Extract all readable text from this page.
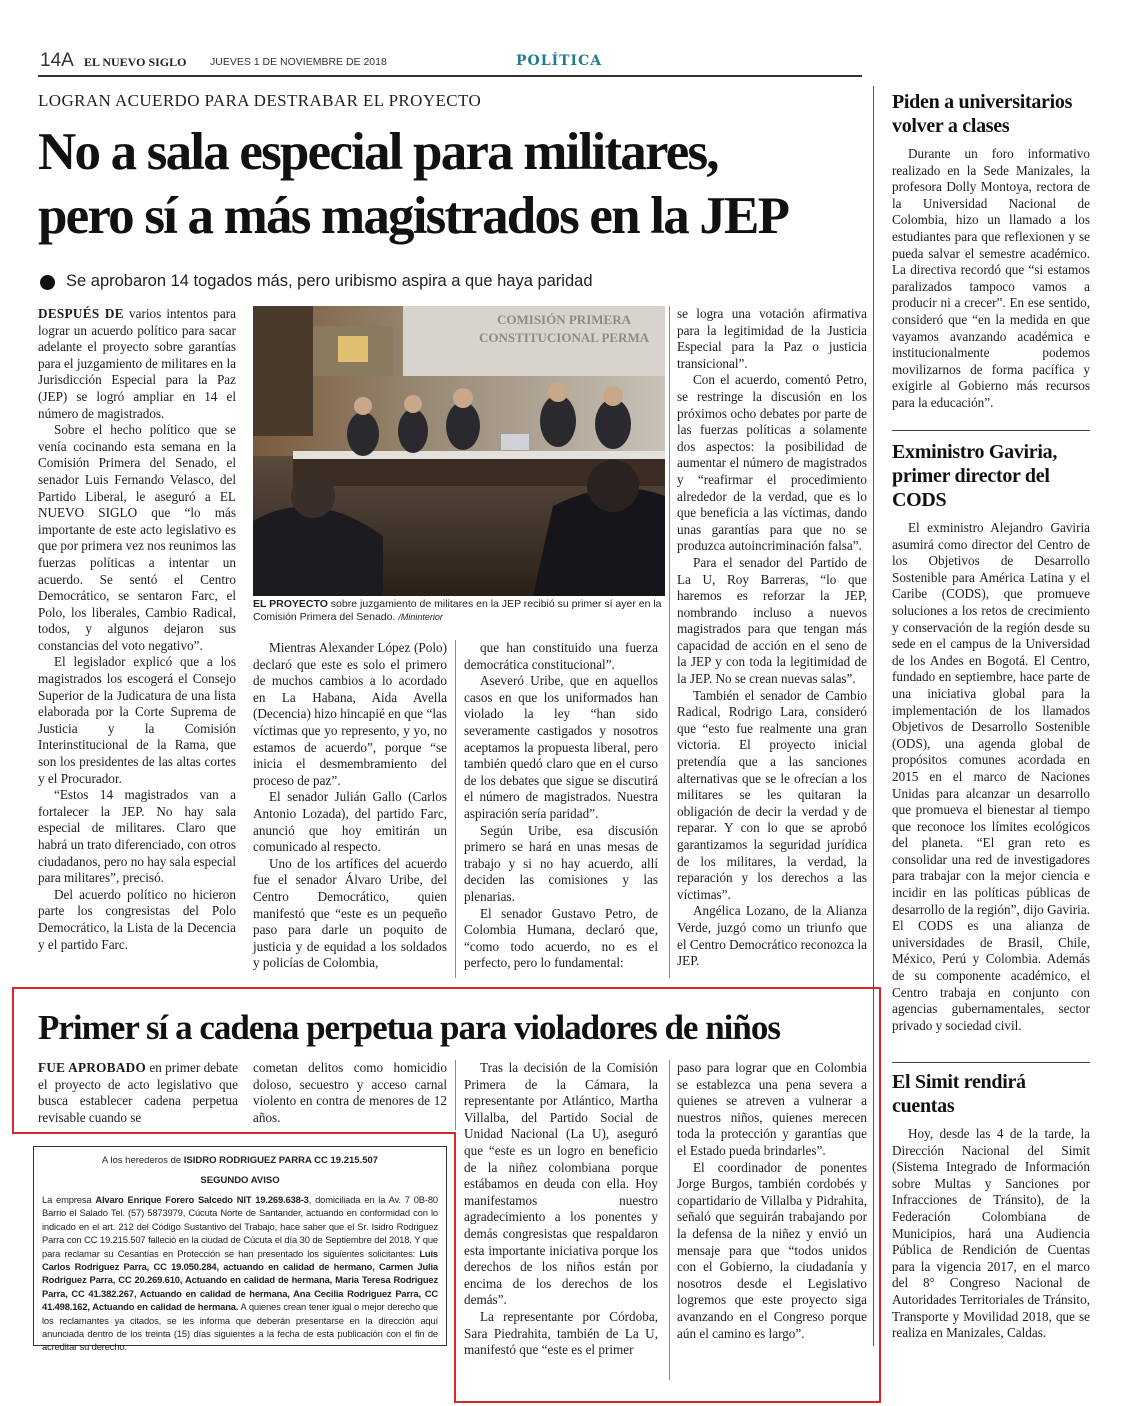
14A EL NUEVO SIGLO JUEVES 1 DE NOVIEMBRE DE 2018	POLÍTICA
LOGRAN ACUERDO PARA DESTRABAR EL PROYECTO
No a sala especial para militares,
pero sí a más magistrados en la JEP
Se aprobaron 14 togados más, pero uribismo aspira a que haya paridad

DESPUÉS DE varios intentos para lograr un acuerdo político para sacar adelante el proyecto sobre garantías para el juzgamiento de militares en la Jurisdicción Especial para la Paz (JEP) se logró ampliar en 14 el número de magistrados.

Sobre el hecho político que se venía cocinando esta semana en la Comisión Primera del Senado, el senador Luis Fernando Velasco, del Partido Liberal, le aseguró a EL NUEVO SIGLO que “lo más importante de este acto legislativo es que por primera vez nos reunimos las fuerzas políticas a intentar un acuerdo. Se sentó el Centro Democrático, se sentaron Farc, el Polo, los liberales, Cambio Radical, todos, y algunos dejaron sus constancias del voto negativo”.

El legislador explicó que a los magistrados los escogerá el Consejo Superior de la Judicatura de una lista elaborada por la Corte Suprema de Justicia y la Comisión Interinstitucional de la Rama, que son los presidentes de las altas cortes y el Procurador.

“Estos 14 magistrados van a fortalecer la JEP. No hay sala especial de militares. Claro que habrá un trato diferenciado, con otros ciudadanos, pero no hay sala especial para militares”, precisó.

Del acuerdo político no hicieron parte los congresistas del Polo Democrático, la Lista de la Decencia y el partido Farc.

COMISIÓN PRIMERA
CONSTITUCIONAL PERMA
EL PROYECTO sobre juzgamiento de militares en la JEP recibió su primer sí ayer en la Comisión Primera del Senado. /Mininterior

Mientras Alexander López (Polo) declaró que este es solo el primero de muchos cambios a lo acordado en La Habana, Aida Avella (Decencia) hizo hincapié en que “las víctimas que yo represento, y yo, no estamos de acuerdo”, porque “se inicia el desmembramiento del proceso de paz”.

El senador Julián Gallo (Carlos Antonio Lozada), del partido Farc, anunció que hoy emitirán un comunicado al respecto.

Uno de los artífices del acuerdo fue el senador Álvaro Uribe, del Centro Democrático, quien manifestó que “este es un pequeño paso para darle un poquito de justicia y de equidad a los soldados y policías de Colombia,

que han constituido una fuerza democrática constitucional”.

Aseveró Uribe, que en aquellos casos en que los uniformados han violado la ley “han sido severamente castigados y nosotros aceptamos la propuesta liberal, pero también quedó claro que en el curso de los debates que sigue se discutirá el número de magistrados. Nuestra aspiración sería paridad”.

Según Uribe, esa discusión primero se hará en unas mesas de trabajo y si no hay acuerdo, allí deciden las comisiones y las plenarias.

El senador Gustavo Petro, de Colombia Humana, declaró que, “como todo acuerdo, no es el perfecto, pero lo fundamental:

se logra una votación afirmativa para la legitimidad de la Justicia Especial para la Paz o justicia transicional”.

Con el acuerdo, comentó Petro, se restringe la discusión en los próximos ocho debates por parte de las fuerzas políticas a solamente dos aspectos: la posibilidad de aumentar el número de magistrados y “reafirmar el procedimiento alrededor de la verdad, que es lo que beneficia a las víctimas, dando unas garantías para que no se produzca autoincriminación falsa”.

Para el senador del Partido de La U, Roy Barreras, “lo que haremos es reforzar la JEP, nombrando incluso a nuevos magistrados para que tengan más capacidad de acción en el seno de la JEP y con toda la legitimidad de la JEP. No se crean nuevas salas”.

También el senador de Cambio Radical, Rodrigo Lara, consideró que “esto fue realmente una gran victoria. El proyecto inicial pretendía que a las sanciones alternativas que se le ofrecían a los militares se les quitaran la obligación de decir la verdad y de reparar. Y con lo que se aprobó garantizamos la seguridad jurídica de los militares, la verdad, la reparación y los derechos a las víctimas”.

Angélica Lozano, de la Alianza Verde, juzgó como un triunfo que el Centro Democrático reconozca la JEP.

Primer sí a cadena perpetua para violadores de niños

FUE APROBADO en primer debate el proyecto de acto legislativo que busca establecer cadena perpetua revisable cuando se

cometan delitos como homicidio doloso, secuestro y acceso carnal violento en contra de menores de 12 años.

Tras la decisión de la Comisión Primera de la Cámara, la representante por Atlántico, Martha Villalba, del Partido Social de Unidad Nacional (La U), aseguró que “este es un logro en beneficio de la niñez colombiana porque estábamos en deuda con ella. Hoy manifestamos nuestro agradecimiento a los ponentes y demás congresistas que respaldaron esta importante iniciativa porque los derechos de los niños están por encima de los derechos de los demás”.

La representante por Córdoba, Sara Piedrahita, también de La U, manifestó que “este es el primer

paso para lograr que en Colombia se establezca una pena severa a quienes se atreven a vulnerar a nuestros niños, quienes merecen toda la protección y garantías que el Estado pueda brindarles”.

El coordinador de ponentes Jorge Burgos, también cordobés y copartidario de Villalba y Pidrahita, señaló que seguirán trabajando por la defensa de la niñez y envió un mensaje para que “todos unidos con el Gobierno, la ciudadanía y nosotros desde el Legislativo logremos que este proyecto siga avanzando en el Congreso porque aún el camino es largo”.

A los herederos de ISIDRO RODRIGUEZ PARRA CC 19.215.507
SEGUNDO AVISO
La empresa Alvaro Enrique Forero Salcedo NIT 19.269.638-3, domiciliada en la Av. 7 0B-80 Barrio el Salado Tel. (57) 5873979, Cúcuta Norte de Santander, actuando en conformidad con lo indicado en el art. 212 del Código Sustantivo del Trabajo, hace saber que el Sr. Isidro Rodriguez Parra con CC 19.215.507 falleció en la ciudad de Cúcuta el día 30 de Septiembre del 2018. Y que para reclamar su Cesantías en Protección se han presentado los siguientes solicitantes: Luis Carlos Rodriguez Parra, CC 19.050.284, actuando en calidad de hermano, Carmen Julia Rodriguez Parra, CC 20.269.610, Actuando en calidad de hermana, Maria Teresa Rodriguez Parra, CC 41.382.267, Actuando en calidad de hermana, Ana Cecilia Rodriguez Parra, CC 41.498.162, Actuando en calidad de hermana. A quienes crean tener igual o mejor derecho que los reclamantes ya citados, se les informa que deberán presentarse en la dirección aquí anunciada dentro de los treinta (15) días siguientes a la fecha de esta publicación con el fin de acreditar su derecho.
Piden a universitarios volver a clases

Durante un foro informativo realizado en la Sede Manizales, la profesora Dolly Montoya, rectora de la Universidad Nacional de Colombia, hizo un llamado a los estudiantes para que reflexionen y se pueda salvar el semestre académico. La directiva recordó que “si estamos paralizados tampoco vamos a producir ni a crecer”. En ese sentido, consideró que “en la medida en que vayamos avanzando académica e institucionalmente podemos movilizarnos de forma pacífica y exigirle al Gobierno más recursos para la educación”.

Exministro Gaviria, primer director del CODS

El exministro Alejandro Gaviria asumirá como director del Centro de los Objetivos de Desarrollo Sostenible para América Latina y el Caribe (CODS), que promueve soluciones a los retos de crecimiento y conservación de la región desde su sede en el campus de la Universidad de los Andes en Bogotá. El Centro, fundado en septiembre, hace parte de una iniciativa global para la implementación de los llamados Objetivos de Desarrollo Sostenible (ODS), una agenda global de propósitos comunes acordada en 2015 en el marco de Naciones Unidas para alcanzar un desarrollo que promueva el bienestar al tiempo que reconoce los límites ecológicos del planeta. “El gran reto es consolidar una red de investigadores para trabajar con la mejor ciencia e incidir en las políticas públicas de desarrollo de la región”, dijo Gaviria. El CODS es una alianza de universidades de Brasil, Chile, México, Perú y Colombia. Además de su componente académico, el Centro trabaja en conjunto con agencias gubernamentales, sector privado y sociedad civil.

El Simit rendirá cuentas

Hoy, desde las 4 de la tarde, la Dirección Nacional del Simit (Sistema Integrado de Información sobre Multas y Sanciones por Infracciones de Tránsito), de la Federación Colombiana de Municipios, hará una Audiencia Pública de Rendición de Cuentas para la vigencia 2017, en el marco del 8° Congreso Nacional de Autoridades Territoriales de Tránsito, Transporte y Movilidad 2018, que se realiza en Manizales, Caldas.
